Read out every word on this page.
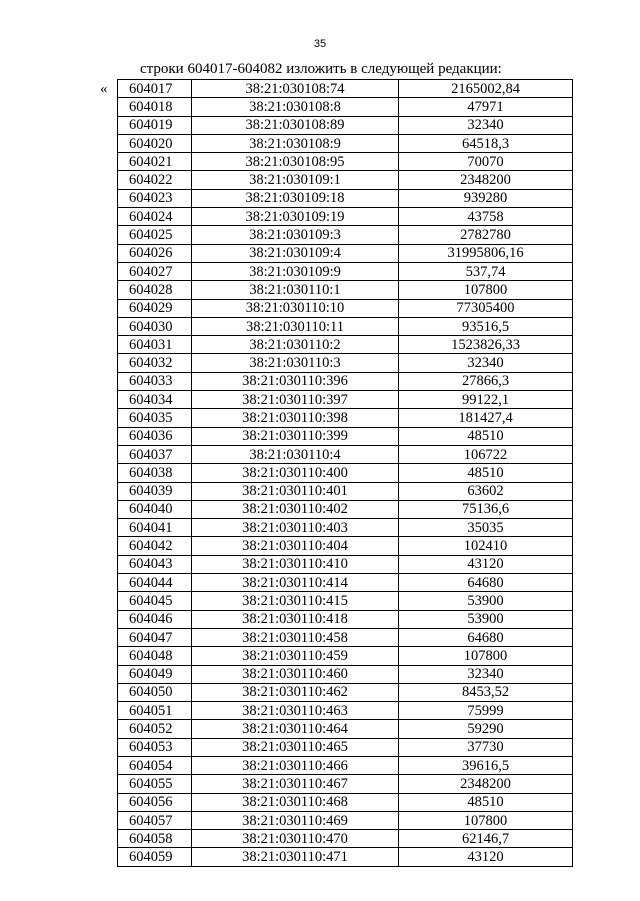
35
строки 604017-604082 изложить в следующей редакции:
« 604017	38:21:030108:74	2165002,84
604018	38:21:030108:8	47971
604019	38:21:030108:89	32340
604020	38:21:030108:9	64518,3
604021	38:21:030108:95	70070
604022	38:21:030109:1	2348200
604023	38:21:030109:18	939280
604024	38:21:030109:19	43758
604025	38:21:030109:3	2782780
604026	38:21:030109:4	31995806,16
604027	38:21:030109:9	537,74
604028	38:21:030110:1	107800
604029	38:21:030110:10	77305400
604030	38:21:030110:11	93516,5
604031	38:21:030110:2	1523826,33
604032	38:21:030110:3	32340
604033	38:21:030110:396	27866,3
604034	38:21:030110:397	99122,1
604035	38:21:030110:398	181427,4
604036	38:21:030110:399	48510
604037	38:21:030110:4	106722
604038	38:21:030110:400	48510
604039	38:21:030110:401	63602
604040	38:21:030110:402	75136,6
604041	38:21:030110:403	35035
604042	38:21:030110:404	102410
604043	38:21:030110:410	43120
604044	38:21:030110:414	64680
604045	38:21:030110:415	53900
604046	38:21:030110:418	53900
604047	38:21:030110:458	64680
604048	38:21:030110:459	107800
604049	38:21:030110:460	32340
604050	38:21:030110:462	8453,52
604051	38:21:030110:463	75999
604052	38:21:030110:464	59290
604053	38:21:030110:465	37730
604054	38:21:030110:466	39616,5
604055	38:21:030110:467	2348200
604056	38:21:030110:468	48510
604057	38:21:030110:469	107800
604058	38:21:030110:470	62146,7
604059	38:21:030110:471	43120
